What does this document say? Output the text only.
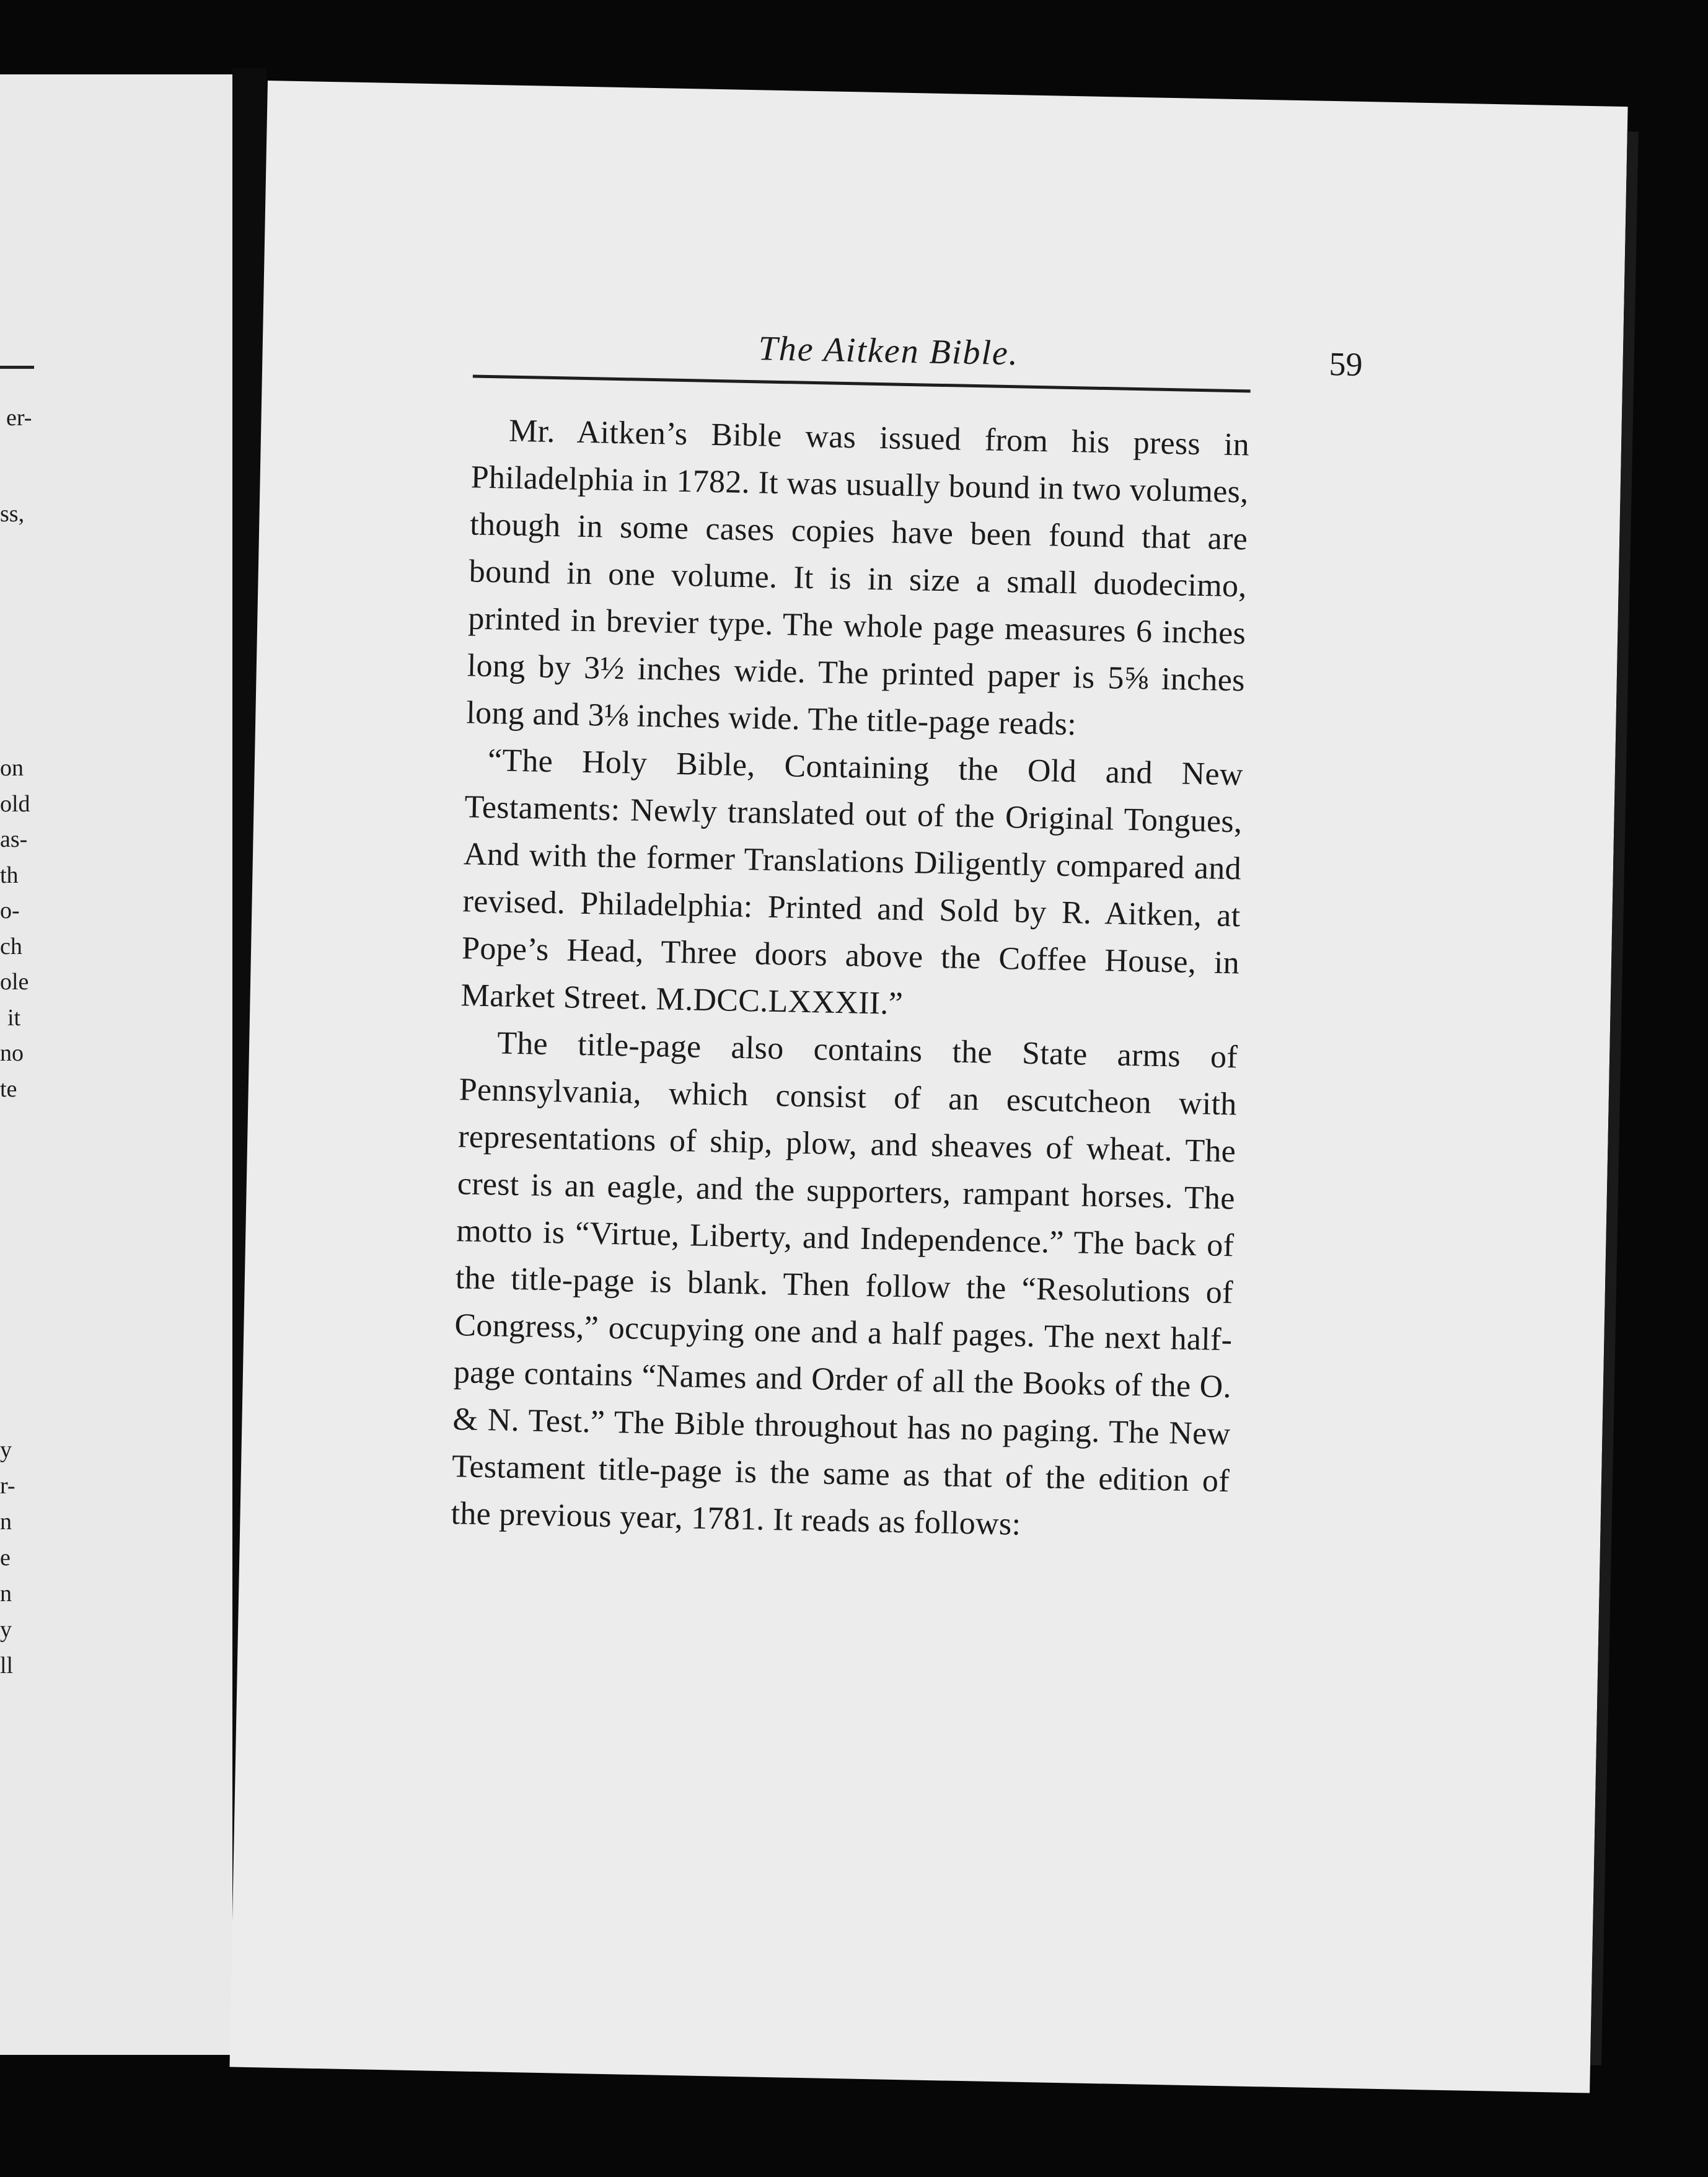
er-
ss,
on
old
as-
th
o-
ch
ole
it
no
te
y
r-
n
e
n
y
ll
The Aitken Bible.	59

Mr. Aitken’s Bible was issued from his press in Philadelphia in 1782. It was usually bound in two volumes, though in some cases copies have been found that are bound in one volume. It is in size a small duodecimo, printed in brevier type. The whole page measures 6 inches long by 3½ inches wide. The printed paper is 5⅝ inches long and 3⅛ inches wide. The title-page reads:

“The Holy Bible, Containing the Old and New Testaments: Newly translated out of the Original Tongues, And with the former Translations Diligently compared and revised. Philadelphia: Printed and Sold by R. Aitken, at Pope’s Head, Three doors above the Coffee House, in Market Street. M.DCC.LXXXII.”

The title-page also contains the State arms of Pennsylvania, which consist of an escutcheon with representations of ship, plow, and sheaves of wheat. The crest is an eagle, and the supporters, rampant horses. The motto is “Virtue, Liberty, and Independence.” The back of the title-page is blank. Then follow the “Resolutions of Congress,” occupying one and a half pages. The next half-page contains “Names and Order of all the Books of the O. & N. Test.” The Bible throughout has no paging. The New Testament title-page is the same as that of the edition of the previous year, 1781. It reads as follows:
